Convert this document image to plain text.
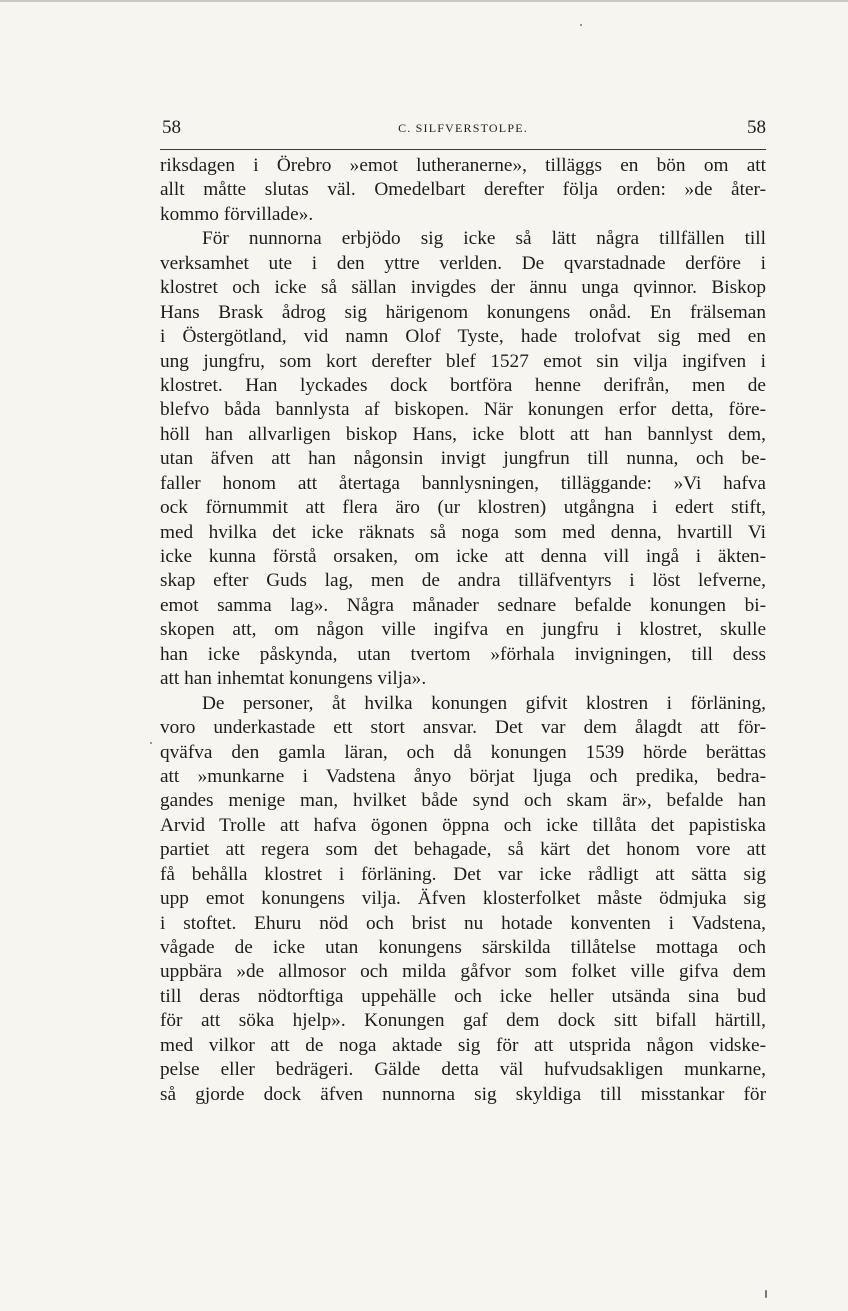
58	C. SILFVERSTOLPE.	58
riksdagen i Örebro »emot lutheranerne», tilläggs en bön om att
allt måtte slutas väl. Omedelbart derefter följa orden: »de åter-
kommo förvillade».
För nunnorna erbjödo sig icke så lätt några tillfällen till
verksamhet ute i den yttre verlden. De qvarstadnade derföre i
klostret och icke så sällan invigdes der ännu unga qvinnor. Biskop
Hans Brask ådrog sig härigenom konungens onåd. En frälseman
i Östergötland, vid namn Olof Tyste, hade trolofvat sig med en
ung jungfru, som kort derefter blef 1527 emot sin vilja ingifven i
klostret. Han lyckades dock bortföra henne derifrån, men de
blefvo båda bannlysta af biskopen. När konungen erfor detta, före-
höll han allvarligen biskop Hans, icke blott att han bannlyst dem,
utan äfven att han någonsin invigt jungfrun till nunna, och be-
faller honom att återtaga bannlysningen, tilläggande: »Vi hafva
ock förnummit att flera äro (ur klostren) utgångna i edert stift,
med hvilka det icke räknats så noga som med denna, hvartill Vi
icke kunna förstå orsaken, om icke att denna vill ingå i äkten-
skap efter Guds lag, men de andra tilläfventyrs i löst lefverne,
emot samma lag». Några månader sednare befalde konungen bi-
skopen att, om någon ville ingifva en jungfru i klostret, skulle
han icke påskynda, utan tvertom »förhala invigningen, till dess
att han inhemtat konungens vilja».
De personer, åt hvilka konungen gifvit klostren i förläning,
voro underkastade ett stort ansvar. Det var dem ålagdt att för-
qväfva den gamla läran, och då konungen 1539 hörde berättas
att »munkarne i Vadstena ånyo börjat ljuga och predika, bedra-
gandes menige man, hvilket både synd och skam är», befalde han
Arvid Trolle att hafva ögonen öppna och icke tillåta det papistiska
partiet att regera som det behagade, så kärt det honom vore att
få behålla klostret i förläning. Det var icke rådligt att sätta sig
upp emot konungens vilja. Äfven klosterfolket måste ödmjuka sig
i stoftet. Ehuru nöd och brist nu hotade konventen i Vadstena,
vågade de icke utan konungens särskilda tillåtelse mottaga och
uppbära »de allmosor och milda gåfvor som folket ville gifva dem
till deras nödtorftiga uppehälle och icke heller utsända sina bud
för att söka hjelp». Konungen gaf dem dock sitt bifall härtill,
med vilkor att de noga aktade sig för att utsprida någon vidske-
pelse eller bedrägeri. Gälde detta väl hufvudsakligen munkarne,
så gjorde dock äfven nunnorna sig skyldiga till misstankar för
